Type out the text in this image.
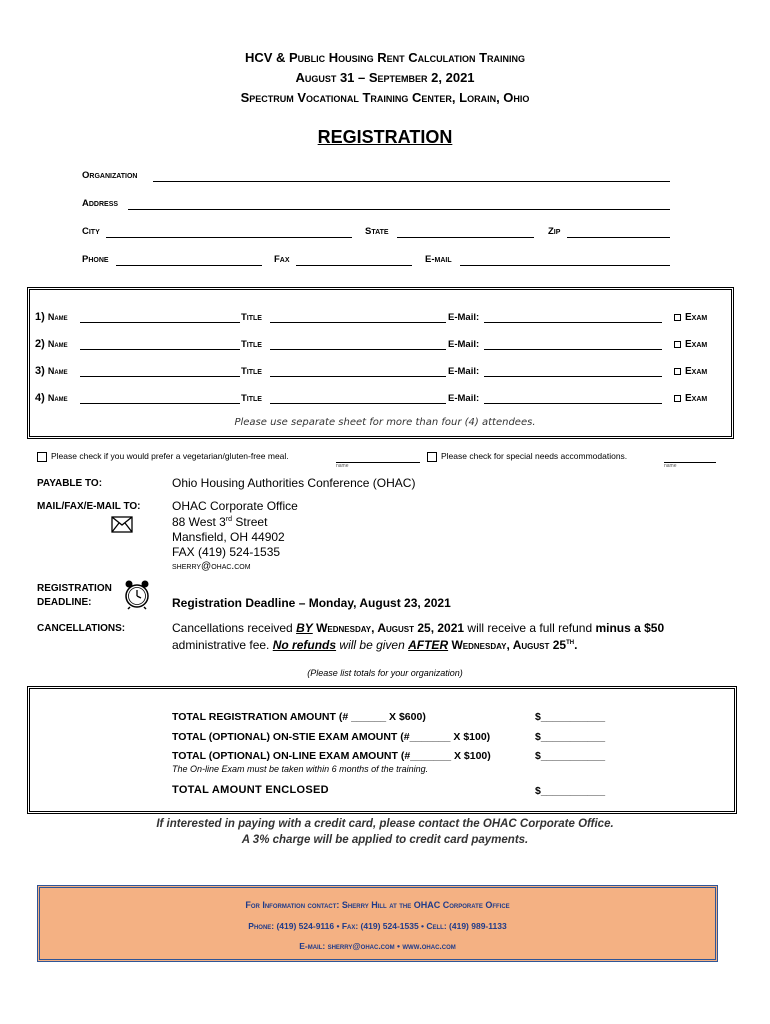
HCV & Public Housing Rent Calculation Training
August 31 – September 2, 2021
Spectrum Vocational Training Center, Lorain, Ohio
REGISTRATION
Organization
Address
City	State	Zip
Phone	Fax	E-mail
1) Name	Title	E-Mail:	Exam
2) Name	Title	E-Mail:	Exam
3) Name	Title	E-Mail:	Exam
4) Name	Title	E-Mail:	Exam
Please use separate sheet for more than four (4) attendees.
Please check if you would prefer a vegetarian/gluten-free meal.
name
Please check for special needs accommodations.
name
PAYABLE TO:	Ohio Housing Authorities Conference (OHAC)
MAIL/FAX/E-MAIL TO:	OHAC Corporate Office
88 West 3rd Street
Mansfield, OH 44902
FAX (419) 524-1535
sherry@ohac.com
REGISTRATION
DEADLINE:	Registration Deadline – Monday, August 23, 2021
CANCELLATIONS:	Cancellations received BY Wednesday, August 25, 2021 will receive a full refund minus a $50
administrative fee. No refunds will be given AFTER Wednesday, August 25TH.
(Please list totals for your organization)
TOTAL REGISTRATION AMOUNT (# ______ X $600)	$___________
TOTAL (OPTIONAL) ON-STIE EXAM AMOUNT (#_______ X $100)	$___________
TOTAL (OPTIONAL) ON-LINE EXAM AMOUNT (#_______ X $100)	$___________
The On-line Exam must be taken within 6 months of the training.
TOTAL AMOUNT ENCLOSED	$___________
If interested in paying with a credit card, please contact the OHAC Corporate Office.
A 3% charge will be applied to credit card payments.
For Information contact: Sherry Hill at the OHAC Corporate Office
Phone: (419) 524-9116 • Fax: (419) 524-1535 • Cell: (419) 989-1133
E-mail: sherry@ohac.com • www.ohac.com
